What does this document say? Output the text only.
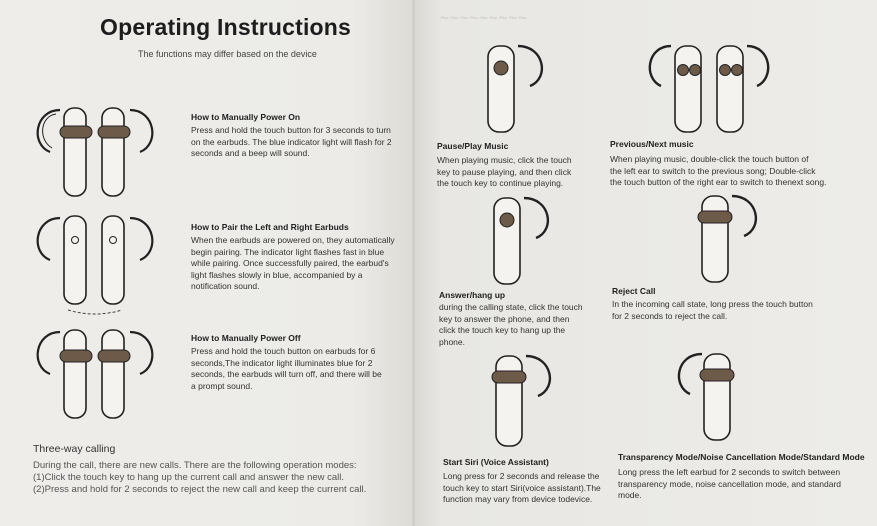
~~~~~~~~~
Operating Instructions
The functions may differ based on the device
How to Manually Power On

Press and hold the touch button for 3 seconds to turn
on the earbuds. The blue indicator light will flash for 2
seconds and a beep will sound.

How to Pair the Left and Right Earbuds

When the earbuds are powered on, they automatically
begin pairing. The indicator light flashes fast in blue
while pairing. Once successfully paired, the earbud's
light flashes slowly in blue, accompanied by a
notification sound.

How to Manually Power Off

Press and hold the touch button on earbuds for 6
seconds,The indicator light illuminates blue for 2
seconds, the earbuds will turn off, and there will be
a prompt sound.

Three-way calling

During the call, there are new calls. There are the following operation modes:
(1)Click the touch key to hang up the current call and answer the new call.
(2)Press and hold for 2 seconds to reject the new call and keep the current call.

Pause/Play Music

When playing music, click the touch
key to pause playing, and then click
the touch key to continue playing.

Previous/Next music

When playing music, double-click the touch button of
the left ear to switch to the previous song; Double-click
the touch button of the right ear to switch to thenext song.

Answer/hang up

during the calling state, click the touch
key to answer the phone, and then
click the touch key to hang up the
phone.

Reject Call

In the incoming call state, long press the touch button
for 2 seconds to reject the call.

Start Siri (Voice Assistant)

Long press for 2 seconds and release the
touch key to start Siri(voice assistant).The
function may vary from device todevice.

Transparency Mode/Noise Cancellation Mode/Standard Mode

Long press the left earbud for 2 seconds to switch between
transparency mode, noise cancellation mode, and standard
mode.
